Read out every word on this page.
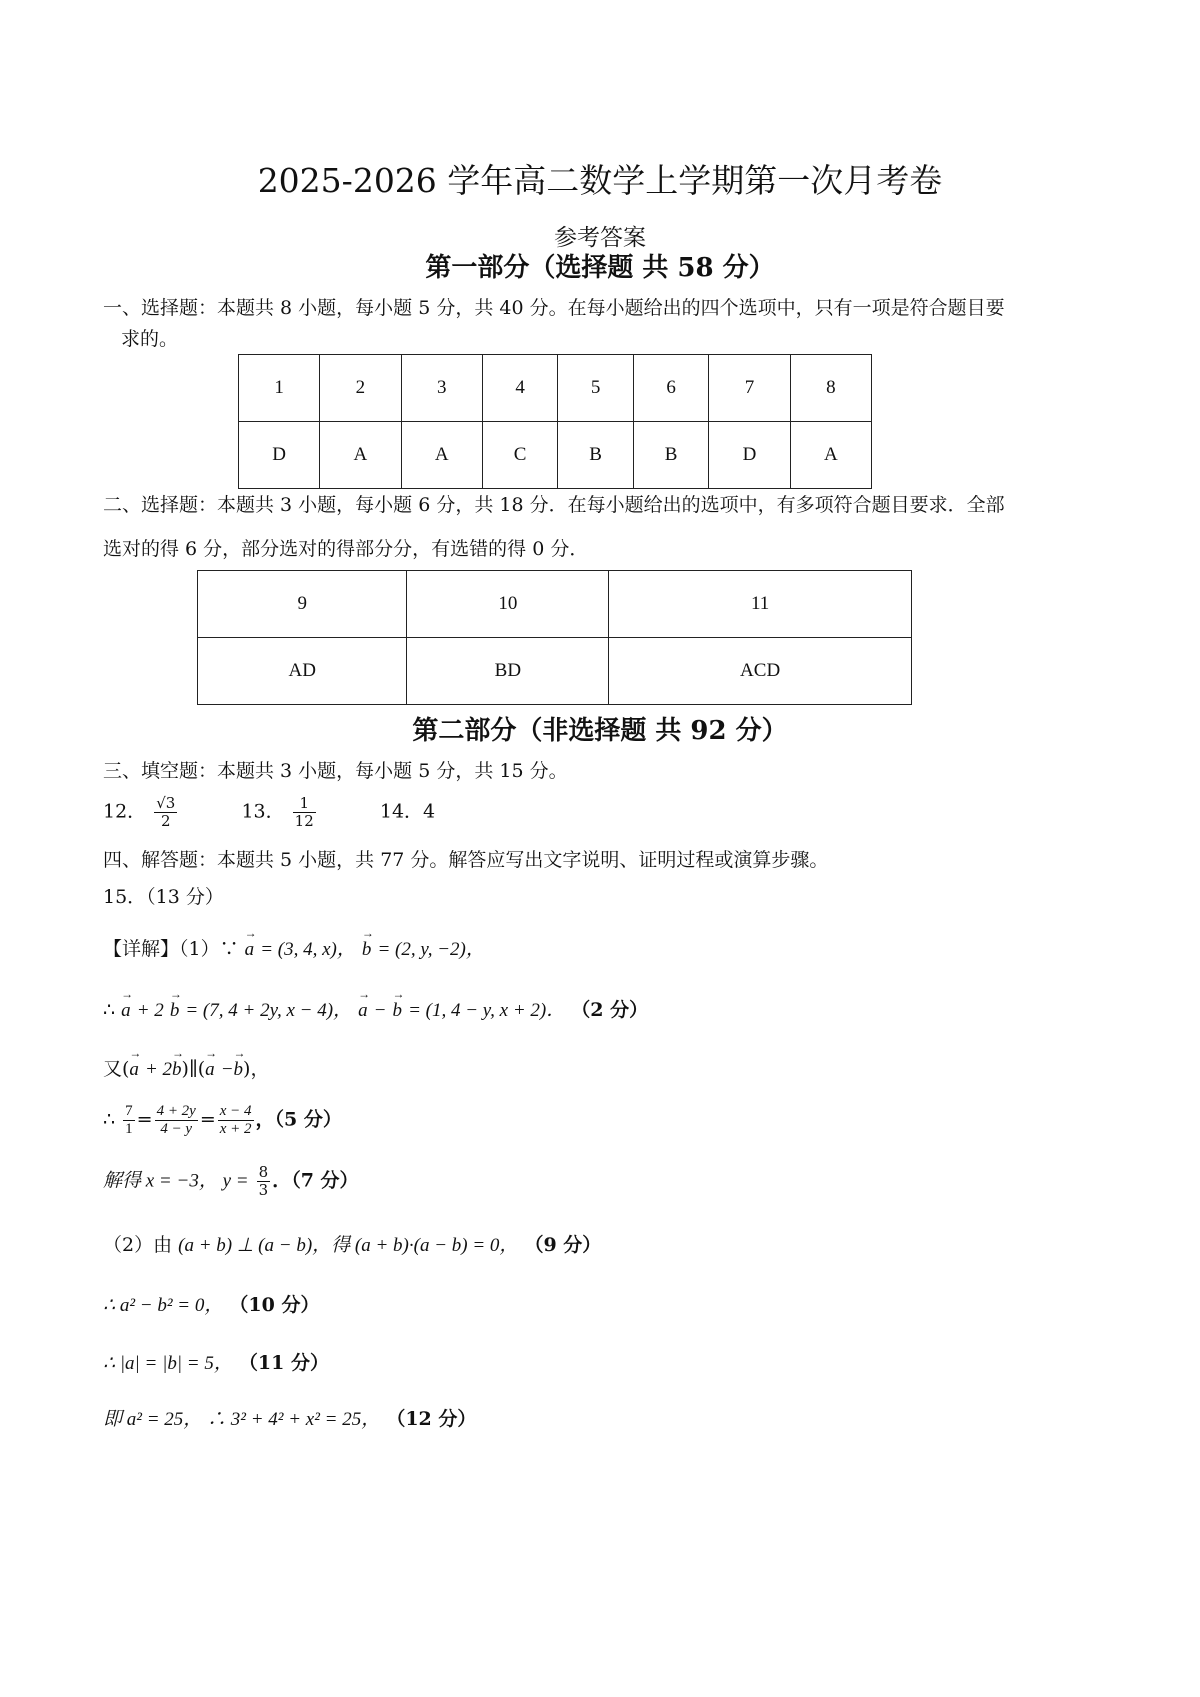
2025-2026 学年高二数学上学期第一次月考卷
参考答案
第一部分（选择题 共 58 分）
一、选择题：本题共 8 小题，每小题 5 分，共 40 分。在每小题给出的四个选项中，只有一项是符合题目要
求的。
1	2	3	4	5	6	7	8
D	A	A	C	B	B	D	A
二、选择题：本题共 3 小题，每小题 6 分，共 18 分．在每小题给出的选项中，有多项符合题目要求．全部
选对的得 6 分，部分选对的得部分分，有选错的得 0 分．
9	10	11
AD	BD	ACD
第二部分（非选择题 共 92 分）
三、填空题：本题共 3 小题，每小题 5 分，共 15 分。
12． $\frac{√3}{2}$	13． $\frac{1}{12}$	14．4
四、解答题：本题共 5 小题，共 77 分。解答应写出文字说明、证明过程或演算步骤。
15．（13 分）
【详解】（1）∵ → a = (3, 4, x)， → b = (2, y, −2)，
∴ → a + 2 → b = (7, 4 + 2y, x − 4)， → a − → b = (1, 4 − y, x + 2)． （2 分）
又(→ a + 2→ b)∥(→ a −→ b)，
∴ $\frac{7}{1} = \frac{4 + 2y}{4 - y} = \frac{x - 4}{x + 2}$ ，（5 分）
解得 x = −3， $y = \frac{8}{3}$ ．（7 分）
（2）由 (a + b) ⊥ (a − b)，得 (a + b)·(a − b) = 0， （9 分）
∴ a² − b² = 0， （10 分）
∴ |a| = |b| = 5， （11 分）
即 a² = 25， ∴ 3² + 4² + x² = 25， （12 分）
